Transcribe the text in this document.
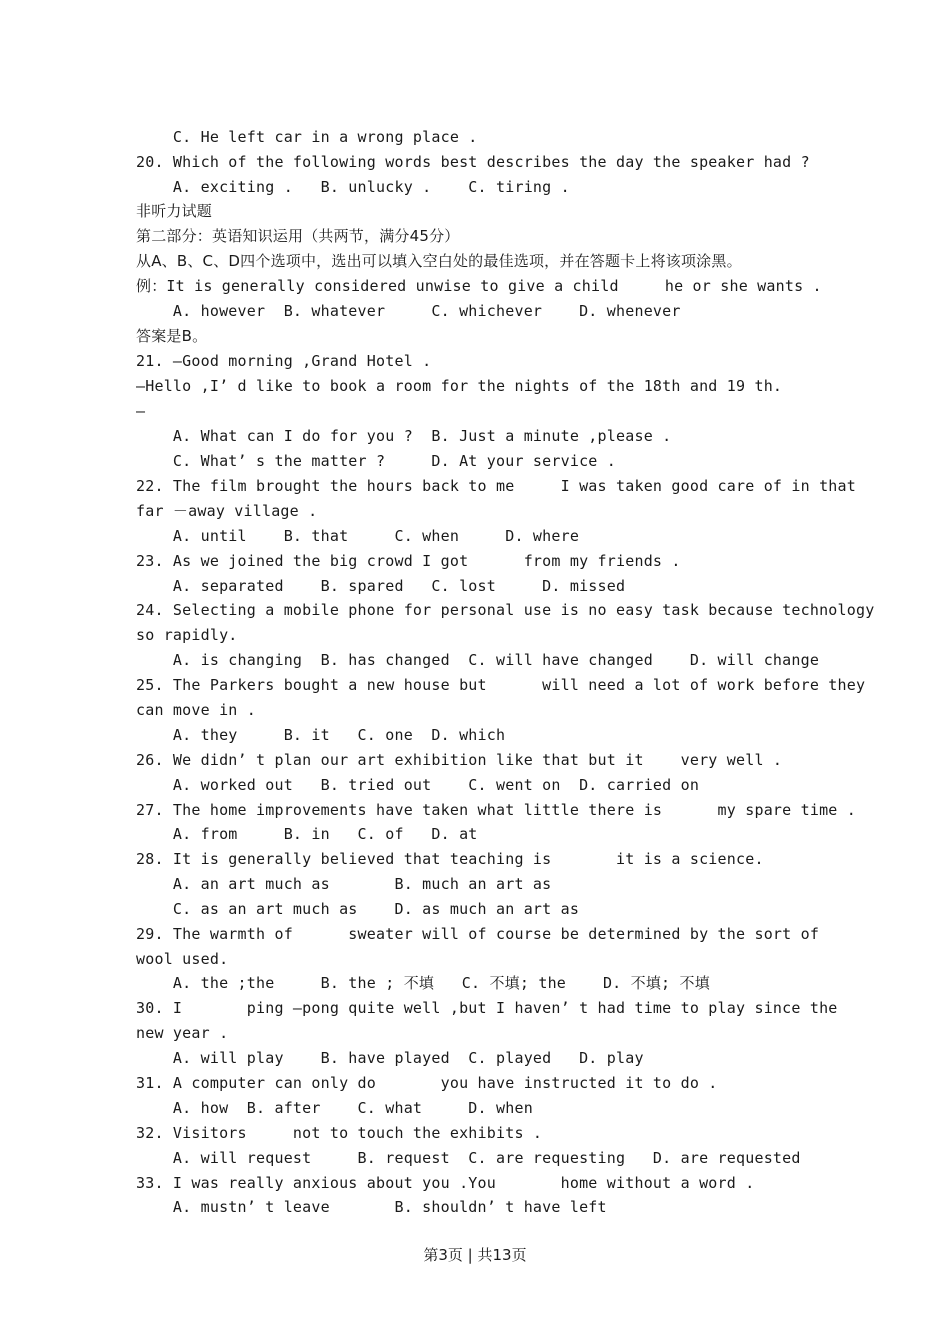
C. He left car in a wrong place .
20. Which of the following words best describes the day the speaker had ?
A. exciting .   B. unlucky .    C. tiring .
非听力试题
第二部分：英语知识运用（共两节，满分45分）
从A、B、C、D四个选项中，选出可以填入空白处的最佳选项，并在答题卡上将该项涂黑。
例：It is generally considered unwise to give a child     he or she wants .
A. however  B. whatever     C. whichever    D. whenever
答案是B。
21. —Good morning ,Grand Hotel .
—Hello ,I’ d like to book a room for the nights of the 18th and 19 th.
—
A. What can I do for you ?  B. Just a minute ,please .
C. What’ s the matter ?     D. At your service .
22. The film brought the hours back to me     I was taken good care of in that
far －away village .
A. until    B. that     C. when     D. where
23. As we joined the big crowd I got      from my friends .
A. separated    B. spared   C. lost     D. missed
24. Selecting a mobile phone for personal use is no easy task because technology
so rapidly.
A. is changing  B. has changed  C. will have changed    D. will change
25. The Parkers bought a new house but      will need a lot of work before they
can move in .
A. they     B. it   C. one  D. which
26. We didn’ t plan our art exhibition like that but it    very well .
A. worked out   B. tried out    C. went on  D. carried on
27. The home improvements have taken what little there is      my spare time .
A. from     B. in   C. of   D. at
28. It is generally believed that teaching is       it is a science.
A. an art much as       B. much an art as
C. as an art much as    D. as much an art as
29. The warmth of      sweater will of course be determined by the sort of
wool used.
A. the ;the     B. the ; 不填   C. 不填; the    D. 不填; 不填
30. I       ping —pong quite well ,but I haven’ t had time to play since the
new year .
A. will play    B. have played  C. played   D. play
31. A computer can only do       you have instructed it to do .
A. how  B. after    C. what     D. when
32. Visitors     not to touch the exhibits .
A. will request     B. request  C. are requesting   D. are requested
33. I was really anxious about you .You       home without a word .
A. mustn’ t leave       B. shouldn’ t have left
第3页 | 共13页
